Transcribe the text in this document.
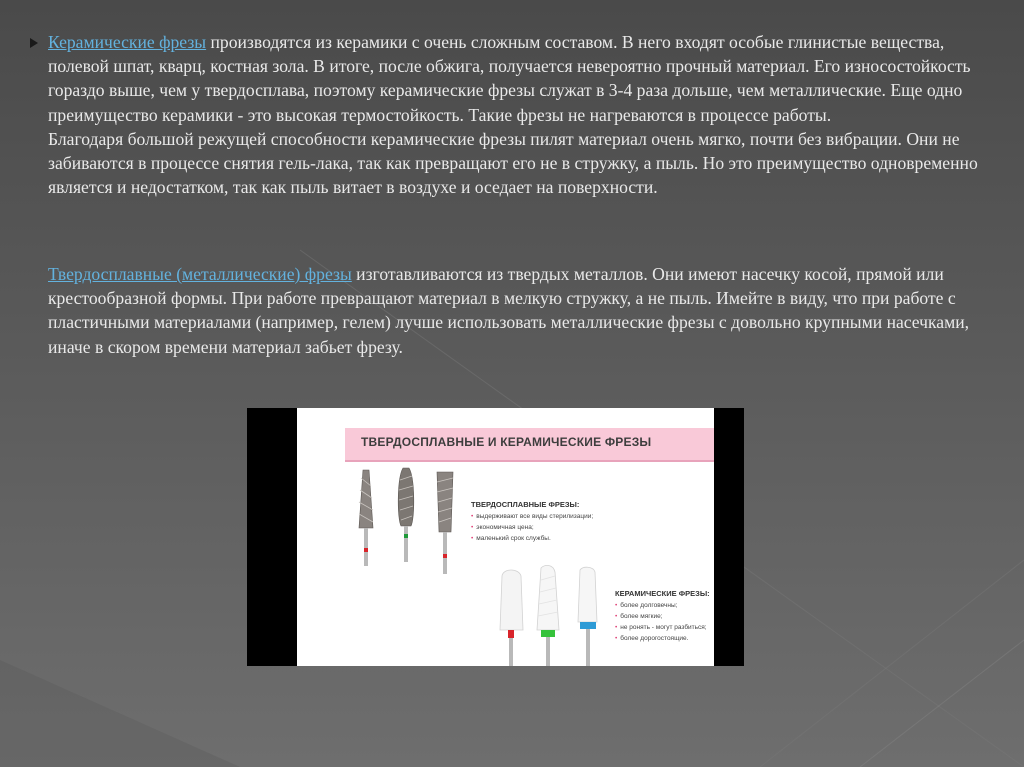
Керамические фрезы производятся из керамики с очень сложным составом. В него входят особые глинистые вещества, полевой шпат, кварц, костная зола. В итоге, после обжига, получается невероятно прочный материал. Его износостойкость гораздо выше, чем у твердосплава, поэтому керамические фрезы служат в 3-4 раза дольше, чем металлические. Еще одно преимущество керамики - это высокая термостойкость. Такие фрезы не нагреваются в процессе работы.

Благодаря большой режущей способности керамические фрезы пилят материал очень мягко, почти без вибрации. Они не забиваются в процессе снятия гель-лака, так как превращают его не в стружку, а пыль. Но это преимущество одновременно является и недостатком, так как пыль витает в воздухе и оседает на поверхности.

Твердосплавные (металлические) фрезы изготавливаются из твердых металлов. Они имеют насечку косой, прямой или крестообразной формы. При работе превращают материал в мелкую стружку, а не пыль. Имейте в виду, что при работе с пластичными материалами (например, гелем) лучше использовать металлические фрезы с довольно крупными насечками, иначе в скором времени материал забьет фрезу.

ТВЕРДОСПЛАВНЫЕ И КЕРАМИЧЕСКИЕ ФРЕЗЫ
ТВЕРДОСПЛАВНЫЕ ФРЕЗЫ:
• выдерживают все виды стерилизации;
• экономичная цена;
• маленький срок службы.
КЕРАМИЧЕСКИЕ ФРЕЗЫ:
• более долговечны;
• более мягкие;
• не ронять - могут разбиться;
• более дорогостоящие.
